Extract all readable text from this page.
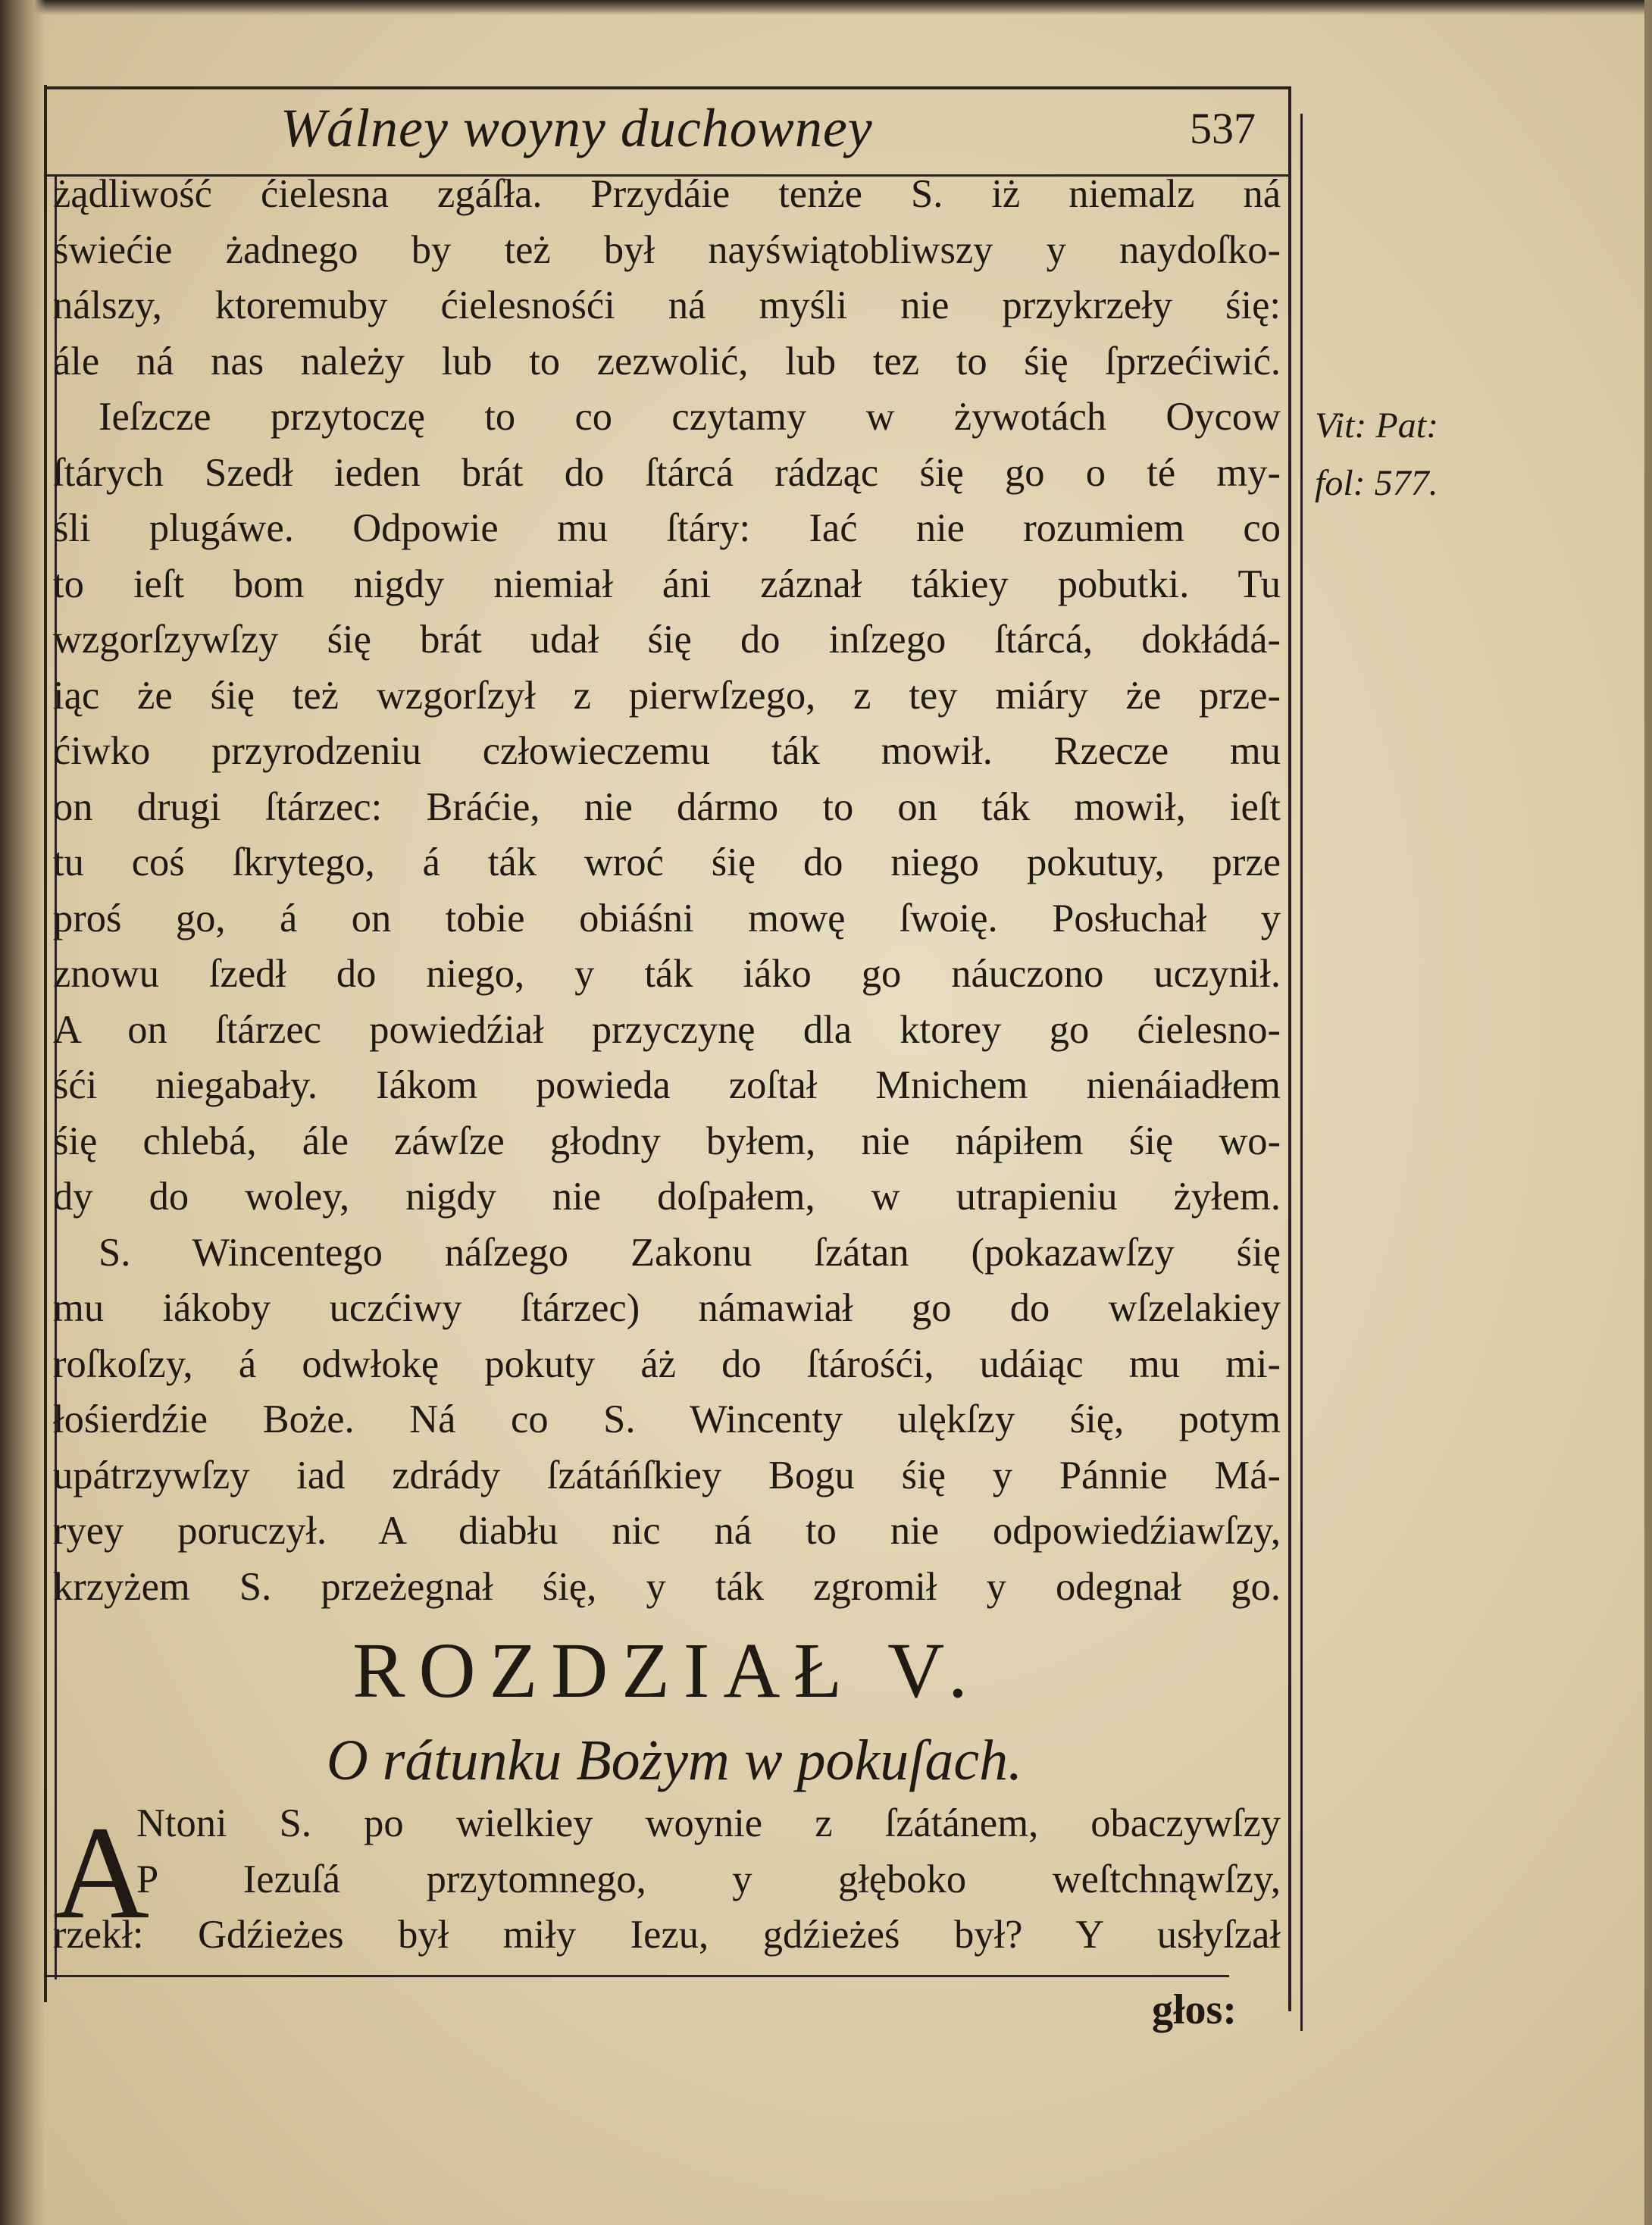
Wálney woyny duchowney	537
Vit: Pat:
fol: 577.
żądliwość ćielesna zgáſła. Przydáie tenże S. iż niemalz ná
świećie żadnego by też był nayświątobliwszy y naydoſko-
nálszy, ktoremuby ćielesnośći ná myśli nie przykrzeły śię:
ále ná nas należy lub to zezwolić, lub tez to śię ſprzećiwić.
Ieſzcze przytoczę to co czytamy w żywotách Oycow
ſtárych Szedł ieden brát do ſtárcá rádząc śię go o té my-
śli plugáwe. Odpowie mu ſtáry: Iać nie rozumiem co
to ieſt bom nigdy niemiał áni záznał tákiey pobutki. Tu
wzgorſzywſzy śię brát udał śię do inſzego ſtárcá, dokłádá-
iąc że śię też wzgorſzył z pierwſzego, z tey miáry że prze-
ćiwko przyrodzeniu człowieczemu ták mowił. Rzecze mu
on drugi ſtárzec: Bráćie, nie dármo to on ták mowił, ieſt
tu coś ſkrytego, á ták wroć śię do niego pokutuy, prze
proś go, á on tobie obiáśni mowę ſwoię. Posłuchał y
znowu ſzedł do niego, y ták iáko go náuczono uczynił.
A on ſtárzec powiedźiał przyczynę dla ktorey go ćielesno-
śći niegabały. Iákom powieda zoſtał Mnichem nienáiadłem
śię chlebá, ále záwſze głodny byłem, nie nápiłem śię wo-
dy do woley, nigdy nie doſpałem, w utrapieniu żyłem.
S. Wincentego náſzego Zakonu ſzátan (pokazawſzy śię
mu iákoby uczćiwy ſtárzec) námawiał go do wſzelakiey
roſkoſzy, á odwłokę pokuty áż do ſtárośći, udáiąc mu mi-
łośierdźie Boże. Ná co S. Wincenty ulękſzy śię, potym
upátrzywſzy iad zdrády ſzátáńſkiey Bogu śię y Pánnie Má-
ryey poruczył. A diabłu nic ná to nie odpowiedźiawſzy,
krzyżem S. przeżegnał śię, y ták zgromił y odegnał go.
ROZDZIAŁ V.
O rátunku Bożym w pokuſach.
A
Ntoni S. po wielkiey woynie z ſzátánem, obaczywſzy
P Iezuſá przytomnego, y głęboko weſtchnąwſzy,
rzekł: Gdźieżes był miły Iezu, gdźieżeś był? Y usłyſzał
głos:
